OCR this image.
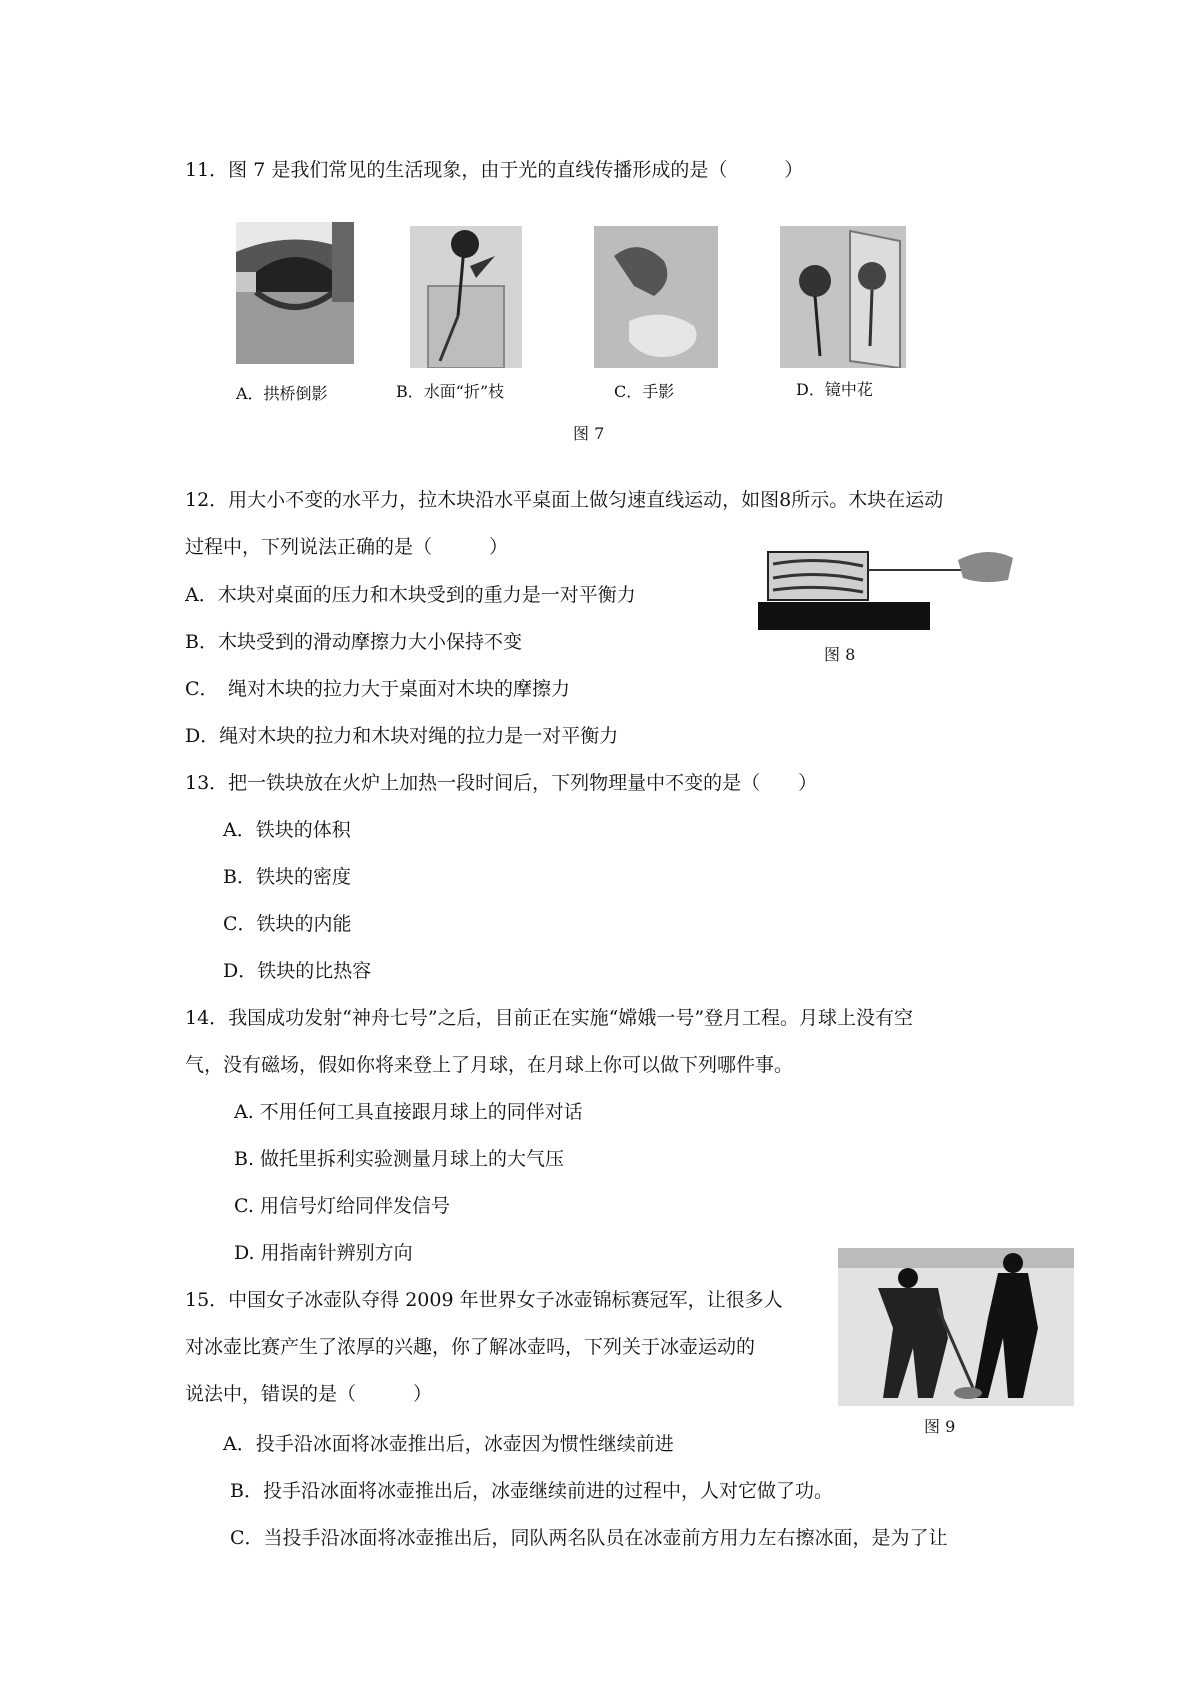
11．图 7 是我们常见的生活现象，由于光的直线传播形成的是（　　　）
A．拱桥倒影	B．水面“折”枝	C．手影	D．镜中花
图 7
12．用大小不变的水平力，拉木块沿水平桌面上做匀速直线运动，如图8所示。木块在运动
过程中，下列说法正确的是（　　　）
图 8
A．木块对桌面的压力和木块受到的重力是一对平衡力
B．木块受到的滑动摩擦力大小保持不变
C．　绳对木块的拉力大于桌面对木块的摩擦力
D．绳对木块的拉力和木块对绳的拉力是一对平衡力
13．把一铁块放在火炉上加热一段时间后，下列物理量中不变的是（　　）
A．铁块的体积
B．铁块的密度
C．铁块的内能
D．铁块的比热容
14．我国成功发射“神舟七号”之后，目前正在实施“嫦娥一号”登月工程。月球上没有空
气，没有磁场，假如你将来登上了月球，在月球上你可以做下列哪件事。
A. 不用任何工具直接跟月球上的同伴对话
B. 做托里拆利实验测量月球上的大气压
C. 用信号灯给同伴发信号
D. 用指南针辨别方向
图 9
15．中国女子冰壶队夺得 2009 年世界女子冰壶锦标赛冠军，让很多人
对冰壶比赛产生了浓厚的兴趣，你了解冰壶吗，下列关于冰壶运动的
说法中，错误的是（　　　）
A．投手沿冰面将冰壶推出后，冰壶因为惯性继续前进
B．投手沿冰面将冰壶推出后，冰壶继续前进的过程中，人对它做了功。
C．当投手沿冰面将冰壶推出后，同队两名队员在冰壶前方用力左右擦冰面，是为了让
